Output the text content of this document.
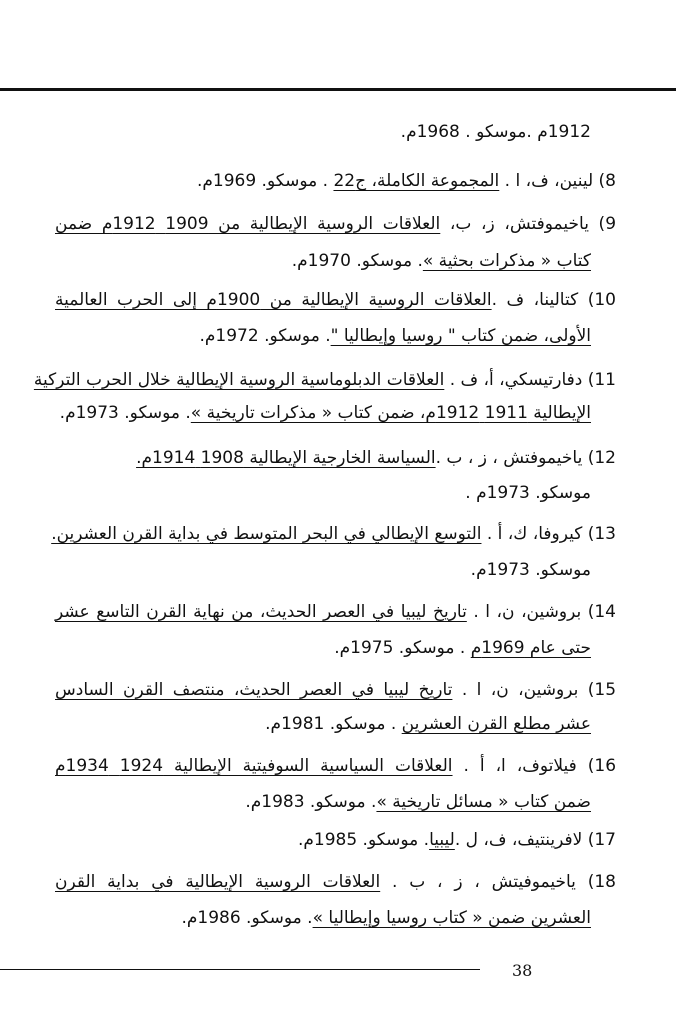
1912م .موسكو . 1968م.
8) لينين، ف، ا . المجموعة الكاملة، ج22 . موسكو. 1969م.
9) ياخيموفتش، ز، ب، العلاقات الروسية الإيطالية من 1909 1912م ضمن
كتاب « مذكرات بحثية ». موسكو. 1970م.
10) كتالينا، ف .العلاقات الروسية الإيطالية من 1900م إلى الحرب العالمية
الأولى، ضمن كتاب " روسيا وإيطاليا ". موسكو. 1972م.
11) دفارتيسكي، أ، ف . العلاقات الدبلوماسية الروسية الإيطالية خلال الحرب التركية
الإيطالية 1911 1912م، ضمن كتاب « مذكرات تاريخية ». موسكو. 1973م.
12) ياخيموفتش ، ز ، ب .السياسة الخارجية الإيطالية 1908 1914م.
موسكو. 1973م .
13) كيروفا، ك، أ . التوسع الإيطالي في البحر المتوسط في بداية القرن العشرين.
موسكو. 1973م.
14) بروشين، ن، ا . تاريخ ليبيا في العصر الحديث، من نهاية القرن التاسع عشر
حتى عام 1969م . موسكو. 1975م.
15) بروشين، ن، ا . تاريخ ليبيا في العصر الحديث، منتصف القرن السادس
عشر مطلع القرن العشرين . موسكو. 1981م.
16) فيلاتوف، ا، أ . العلاقات السياسية السوفيتية الإيطالية 1924 1934م
ضمن كتاب « مسائل تاريخية ». موسكو. 1983م.
17) لافرينتيف، ف، ل .ليبيا. موسكو. 1985م.
18) ياخيموفيتش ، ز ، ب . العلاقات الروسية الإيطالية في بداية القرن
العشرين ضمن « كتاب روسيا وإيطاليا ». موسكو. 1986م.
38
